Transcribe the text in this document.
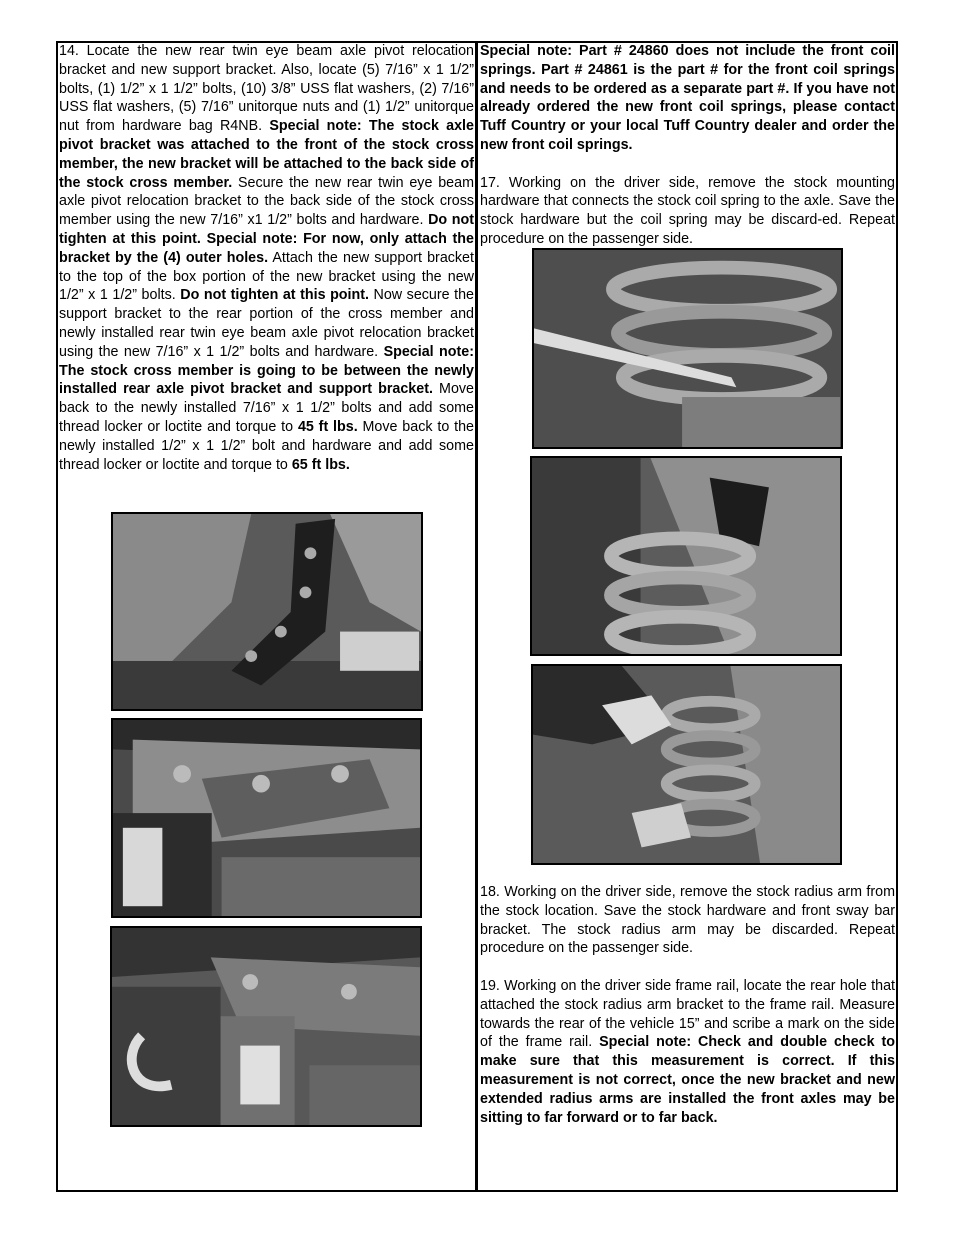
14. Locate the new rear twin eye beam axle pivot relocation bracket and new support bracket. Also, locate (5) 7/16” x 1 1/2” bolts, (1) 1/2” x 1 1/2” bolts, (10) 3/8” USS flat washers, (2) 7/16” USS flat washers, (5) 7/16” unitorque nuts and (1) 1/2” unitorque nut from hardware bag R4NB. Special note: The stock axle pivot bracket was attached to the front of the stock cross member, the new bracket will be attached to the back side of the stock cross member. Secure the new rear twin eye beam axle pivot relocation bracket to the back side of the stock cross member using the new 7/16” x1 1/2” bolts and hardware. Do not tighten at this point. Special note: For now, only attach the bracket by the (4) outer holes. Attach the new support bracket to the top of the box portion of the new bracket using the new 1/2” x 1 1/2” bolts. Do not tighten at this point. Now secure the support bracket to the rear portion of the cross member and newly installed rear twin eye beam axle pivot relocation bracket using the new 7/16” x 1 1/2” bolts and hardware. Special note: The stock cross member is going to be between the newly installed rear axle pivot bracket and support bracket. Move back to the newly installed 7/16” x 1 1/2” bolts and add some thread locker or loctite and torque to 45 ft lbs. Move back to the newly installed 1/2” x 1 1/2” bolt and hardware and add some thread locker or loctite and torque to 65 ft lbs.

Special note: Part # 24860 does not include the front coil springs. Part # 24861 is the part # for the front coil springs and needs to be ordered as a separate part #. If you have not already ordered the new front coil springs, please contact Tuff Country or your local Tuff Country dealer and order the new front coil springs.

17. Working on the driver side, remove the stock mounting hardware that connects the stock coil spring to the axle. Save the stock hardware but the coil spring may be discard-ed. Repeat procedure on the passenger side.

18. Working on the driver side, remove the stock radius arm from the stock location. Save the stock hardware and front sway bar bracket. The stock radius arm may be discarded. Repeat procedure on the passenger side.

19. Working on the driver side frame rail, locate the rear hole that attached the stock radius arm bracket to the frame rail. Measure towards the rear of the vehicle 15” and scribe a mark on the side of the frame rail. Special note: Check and double check to make sure that this measurement is correct. If this measurement is not correct, once the new bracket and new extended radius arms are installed the front axles may be sitting to far forward or to far back.
